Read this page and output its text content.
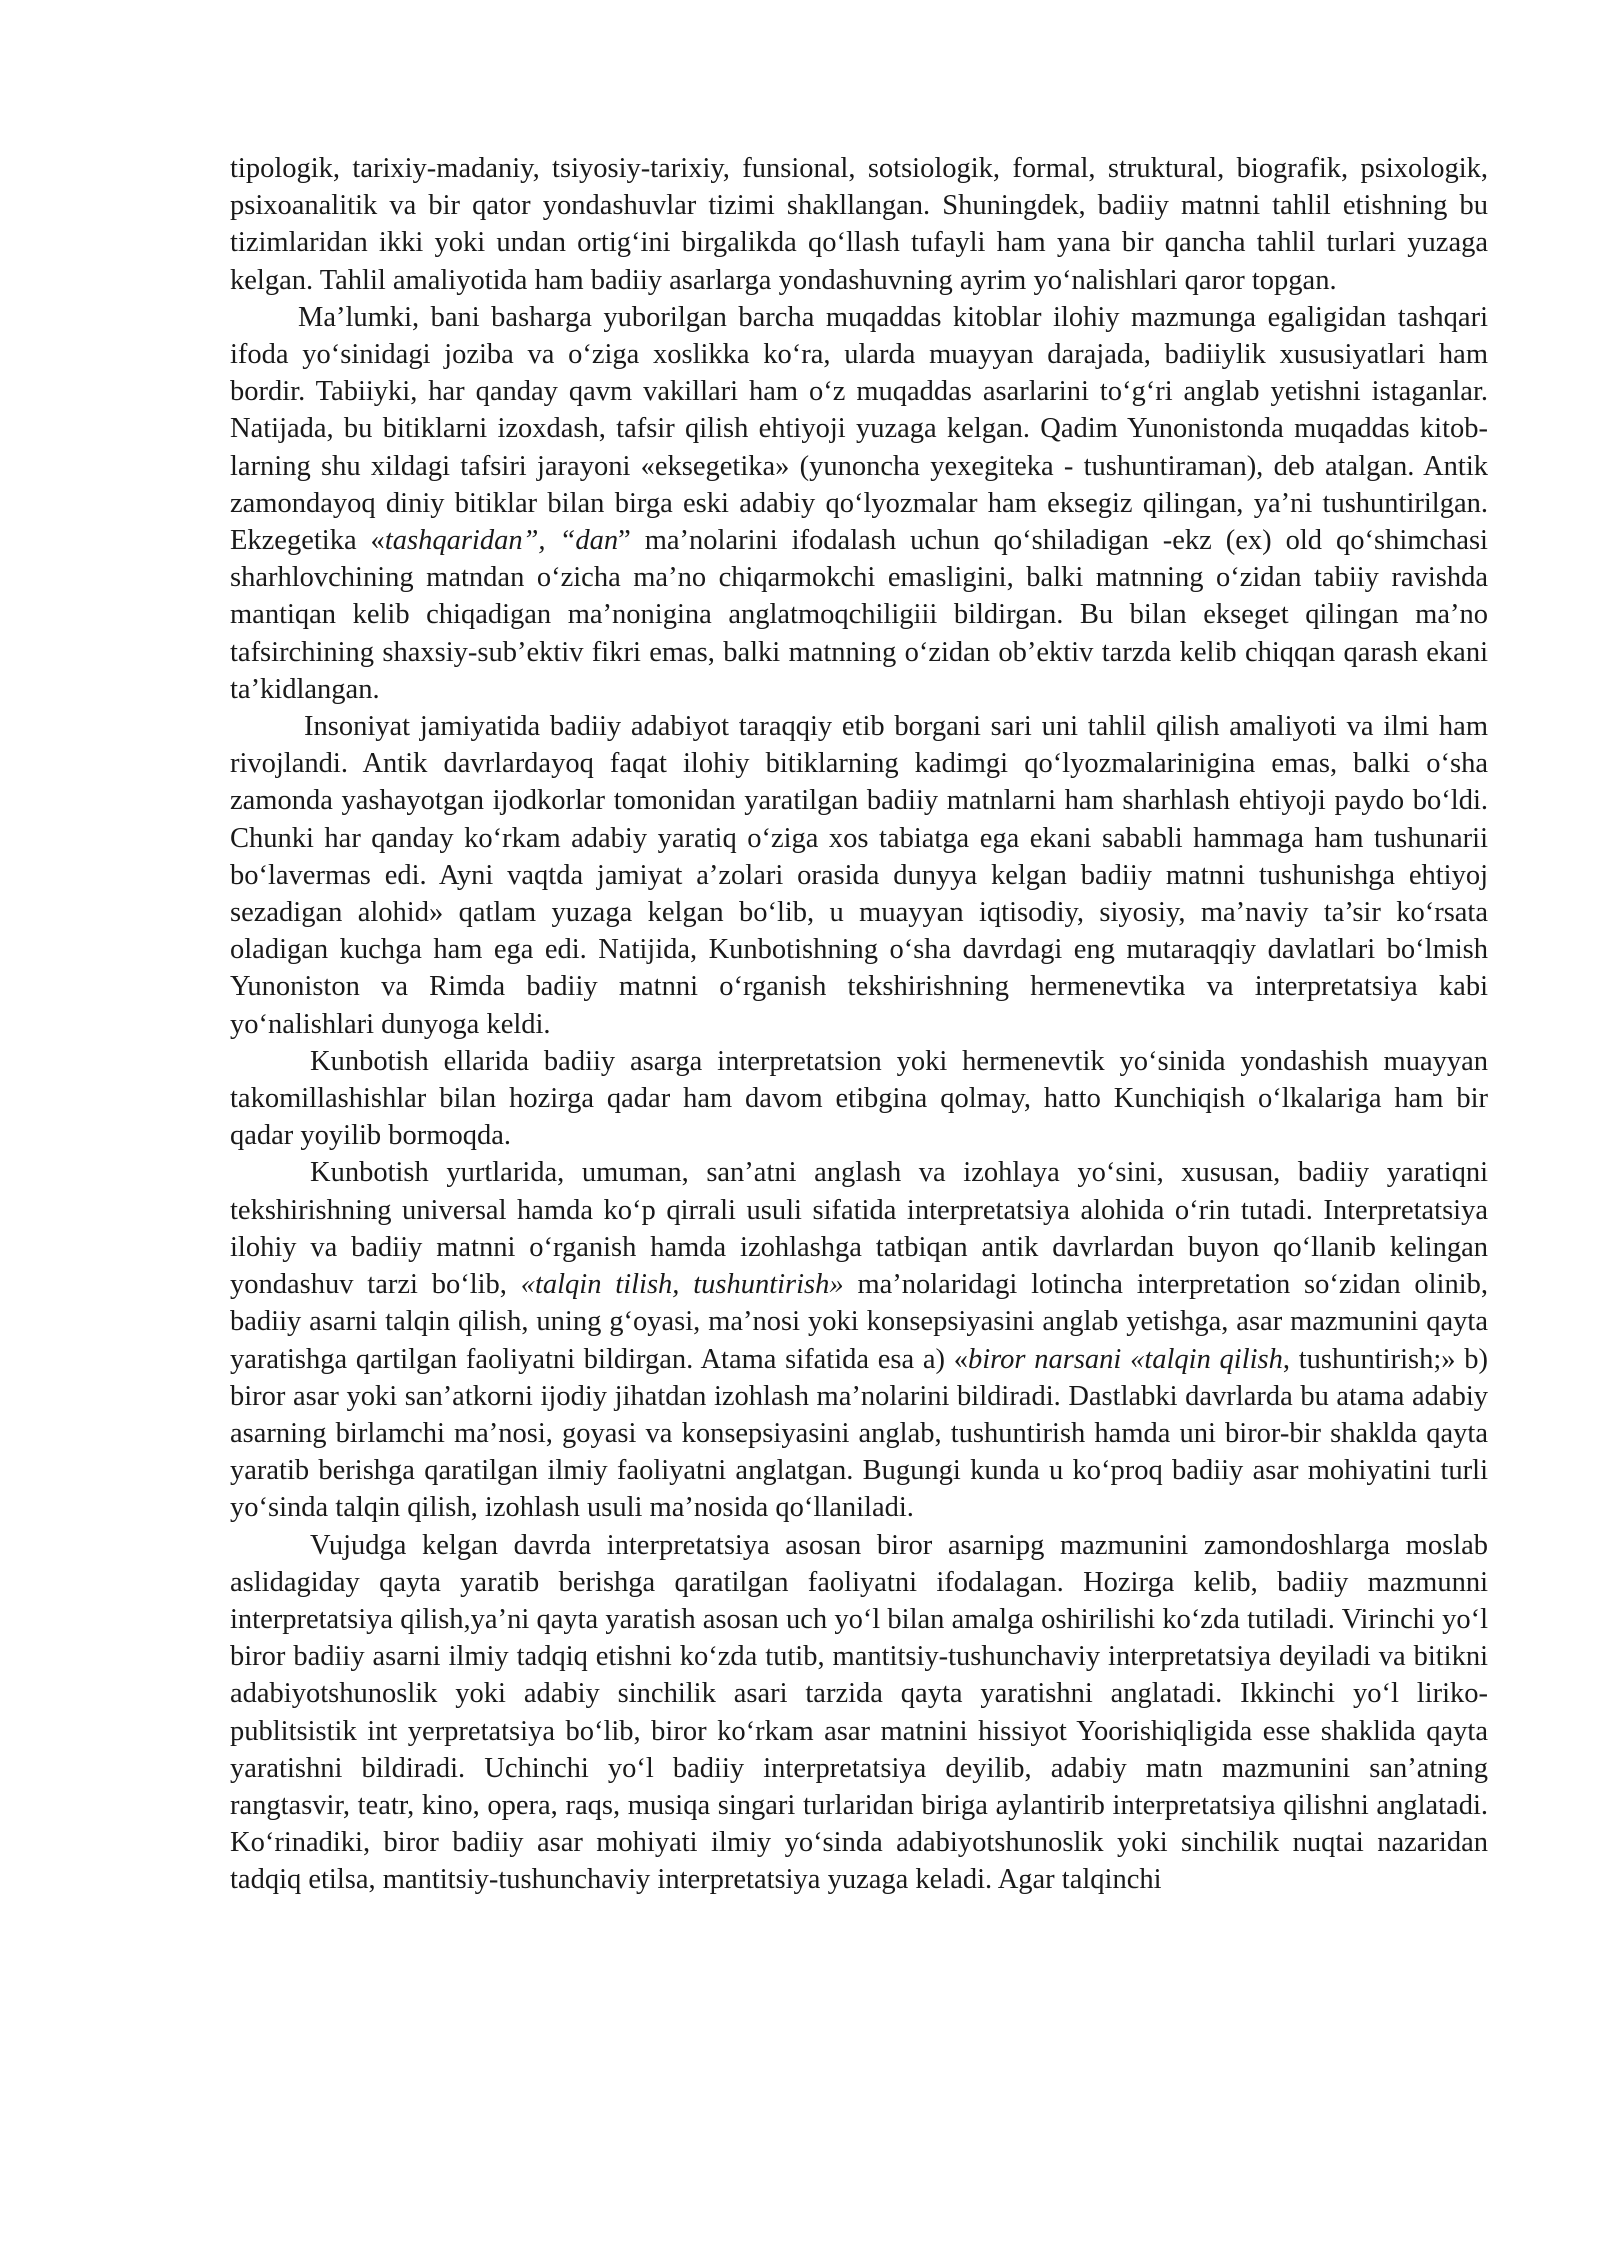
tipologik, tarixiy-madaniy, tsiyosiy-tarixiy, funsional, sotsiologik, formal, struktural, biografik, psixologik, psixoanalitik va bir qator yondashuvlar tizimi shakllangan. Shuningdek, badiiy matnni tahlil etishning bu tizimlaridan ikki yoki undan ortig‘ini birgalikda qo‘llash tufayli ham yana bir qancha tahlil turlari yuzaga kelgan. Tahlil amaliyotida ham badiiy asarlarga yondashuvning ayrim yo‘nalishlari qaror topgan.

Ma’lumki, bani basharga yuborilgan barcha muqaddas kitoblar ilohiy mazmunga egaligidan tashqari ifoda yo‘sinidagi joziba va o‘ziga xoslikka ko‘ra, ularda muayyan darajada, badiiylik xususiyatlari ham bordir. Tabiiyki, har qanday qavm vakillari ham o‘z muqaddas asarlarini to‘g‘ri anglab yetishni istaganlar. Natijada, bu bitiklarni izoxdash, tafsir qilish ehtiyoji yuzaga kelgan. Qadim Yunonistonda muqaddas kitob- larning shu xildagi tafsiri jarayoni «eksegetika» (yunoncha yexegiteka - tushuntiraman), deb atalgan. Antik zamondayoq diniy bitiklar bilan birga eski adabiy qo‘lyozmalar ham eksegiz qilingan, ya’ni tushuntirilgan. Ekzegetika «tashqaridan”, “dan” ma’nolarini ifodalash uchun qo‘shiladigan -ekz (ex) old qo‘shimchasi sharhlovchining matndan o‘zicha ma’no chiqarmokchi emasligini, balki matnning o‘zidan tabiiy ravishda mantiqan kelib chiqadigan ma’nonigina anglatmoqchiligiii bildirgan. Bu bilan ekseget qilingan ma’no tafsirchining shaxsiy-sub’ektiv fikri emas, balki matnning o‘zidan ob’ektiv tarzda kelib chiqqan qarash ekani ta’kidlangan.

Insoniyat jamiyatida badiiy adabiyot taraqqiy etib borgani sari uni tahlil qilish amaliyoti va ilmi ham rivojlandi. Antik davrlardayoq faqat ilohiy bitiklarning kadimgi qo‘lyozmalarinigina emas, balki o‘sha zamonda yashayotgan ijodkorlar tomonidan yaratilgan badiiy matnlarni ham sharhlash ehtiyoji paydo bo‘ldi. Chunki har qanday ko‘rkam adabiy yaratiq o‘ziga xos tabiatga ega ekani sababli hammaga ham tushunarii bo‘lavermas edi. Ayni vaqtda jamiyat a’zolari orasida dunyya kelgan badiiy matnni tushunishga ehtiyoj sezadigan alohid» qatlam yuzaga kelgan bo‘lib, u muayyan iqtisodiy, siyosiy, ma’naviy ta’sir ko‘rsata oladigan kuchga ham ega edi. Natijida, Kunbotishning o‘sha davrdagi eng mutaraqqiy davlatlari bo‘lmish Yunoniston va Rimda badiiy matnni o‘rganish tekshirishning hermenevtika va interpretatsiya kabi yo‘nalishlari dunyoga keldi.

Kunbotish ellarida badiiy asarga interpretatsion yoki hermenevtik yo‘sinida yondashish muayyan takomillashishlar bilan hozirga qadar ham davom etibgina qolmay, hatto Kunchiqish o‘lkalariga ham bir qadar yoyilib bormoqda.

Kunbotish yurtlarida, umuman, san’atni anglash va izohlaya yo‘sini, xususan, badiiy yaratiqni tekshirishning universal hamda ko‘p qirrali usuli sifatida interpretatsiya alohida o‘rin tutadi. Interpretatsiya ilohiy va badiiy matnni o‘rganish hamda izohlashga tatbiqan antik davrlardan buyon qo‘llanib kelingan yondashuv tarzi bo‘lib, «talqin tilish, tushuntirish» ma’nolaridagi lotincha interpretation so‘zidan olinib, badiiy asarni talqin qilish, uning g‘oyasi, ma’nosi yoki konsepsiyasini anglab yetishga, asar mazmunini qayta yaratishga qartilgan faoliyatni bildirgan. Atama sifatida esa a) «biror narsani «talqin qilish, tushuntirish;» b) biror asar yoki san’atkorni ijodiy jihatdan izohlash ma’nolarini bildiradi. Dastlabki davrlarda bu atama adabiy asarning birlamchi ma’nosi, goyasi va konsepsiyasini anglab, tushuntirish hamda uni biror-bir shaklda qayta yaratib berishga qaratilgan ilmiy faoliyatni anglatgan. Bugungi kunda u ko‘proq badiiy asar mohiyatini turli yo‘sinda talqin qilish, izohlash usuli ma’nosida qo‘llaniladi.

Vujudga kelgan davrda interpretatsiya asosan biror asarnipg mazmunini zamondoshlarga moslab aslidagiday qayta yaratib berishga qaratilgan faoliyatni ifodalagan. Hozirga kelib, badiiy mazmunni interpretatsiya qilish,ya’ni qayta yaratish asosan uch yo‘l bilan amalga oshirilishi ko‘zda tutiladi. Virinchi yo‘l biror badiiy asarni ilmiy tadqiq etishni ko‘zda tutib, mantitsiy-tushunchaviy interpretatsiya deyiladi va bitikni adabiyotshunoslik yoki adabiy sinchilik asari tarzida qayta yaratishni anglatadi. Ikkinchi yo‘l liriko-publitsistik int yerpretatsiya bo‘lib, biror ko‘rkam asar matnini hissiyot Yoorishiqligida esse shaklida qayta yaratishni bildiradi. Uchinchi yo‘l badiiy interpretatsiya deyilib, adabiy matn mazmunini san’atning rangtasvir, teatr, kino, opera, raqs, musiqa singari turlaridan biriga aylantirib interpretatsiya qilishni anglatadi. Ko‘rinadiki, biror badiiy asar mohiyati ilmiy yo‘sinda adabiyotshunoslik yoki sinchilik nuqtai nazaridan tadqiq etilsa, mantitsiy-tushunchaviy interpretatsiya yuzaga keladi. Agar talqinchi
